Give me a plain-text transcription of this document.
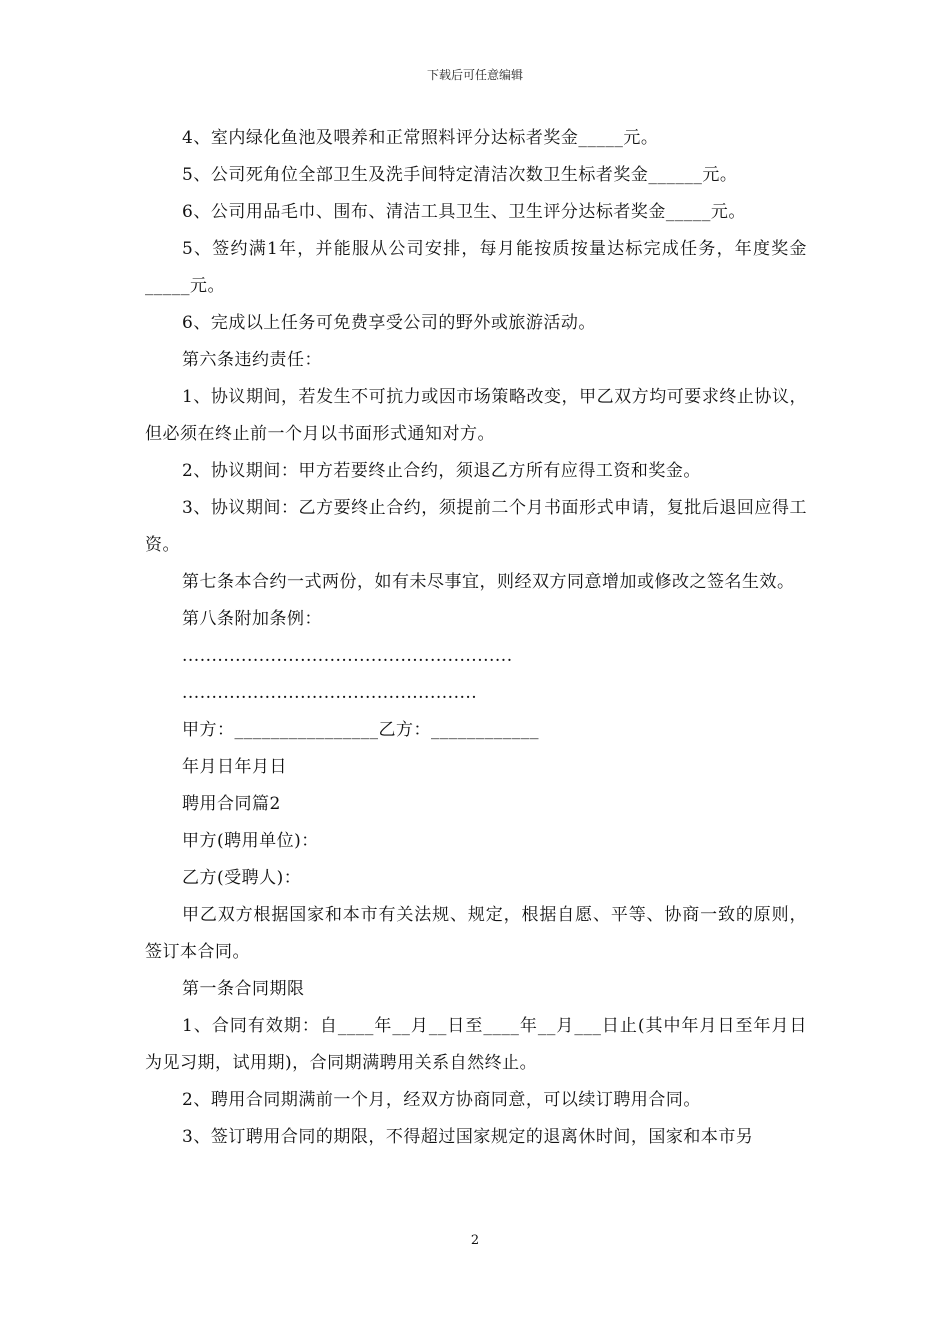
下载后可任意编辑

4、室内绿化鱼池及喂养和正常照料评分达标者奖金_____元。

5、公司死角位全部卫生及洗手间特定清洁次数卫生标者奖金______元。

6、公司用品毛巾、围布、清洁工具卫生、卫生评分达标者奖金_____元。

5、签约满1年，并能服从公司安排，每月能按质按量达标完成任务，年度奖金_____元。

6、完成以上任务可免费享受公司的野外或旅游活动。

第六条违约责任：

1、协议期间，若发生不可抗力或因市场策略改变，甲乙双方均可要求终止协议，但必须在终止前一个月以书面形式通知对方。

2、协议期间：甲方若要终止合约，须退乙方所有应得工资和奖金。

3、协议期间：乙方要终止合约，须提前二个月书面形式申请，复批后退回应得工资。

第七条本合约一式两份，如有未尽事宜，则经双方同意增加或修改之签名生效。

第八条附加条例：

........................................................

..................................................

甲方：________________乙方：____________

年月日年月日

聘用合同篇2

甲方(聘用单位)：

乙方(受聘人)：

甲乙双方根据国家和本市有关法规、规定，根据自愿、平等、协商一致的原则，签订本合同。

第一条合同期限

1、合同有效期：自____年__月__日至____年__月___日止(其中年月日至年月日为见习期，试用期)，合同期满聘用关系自然终止。

2、聘用合同期满前一个月，经双方协商同意，可以续订聘用合同。

3、签订聘用合同的期限，不得超过国家规定的退离休时间，国家和本市另

2
